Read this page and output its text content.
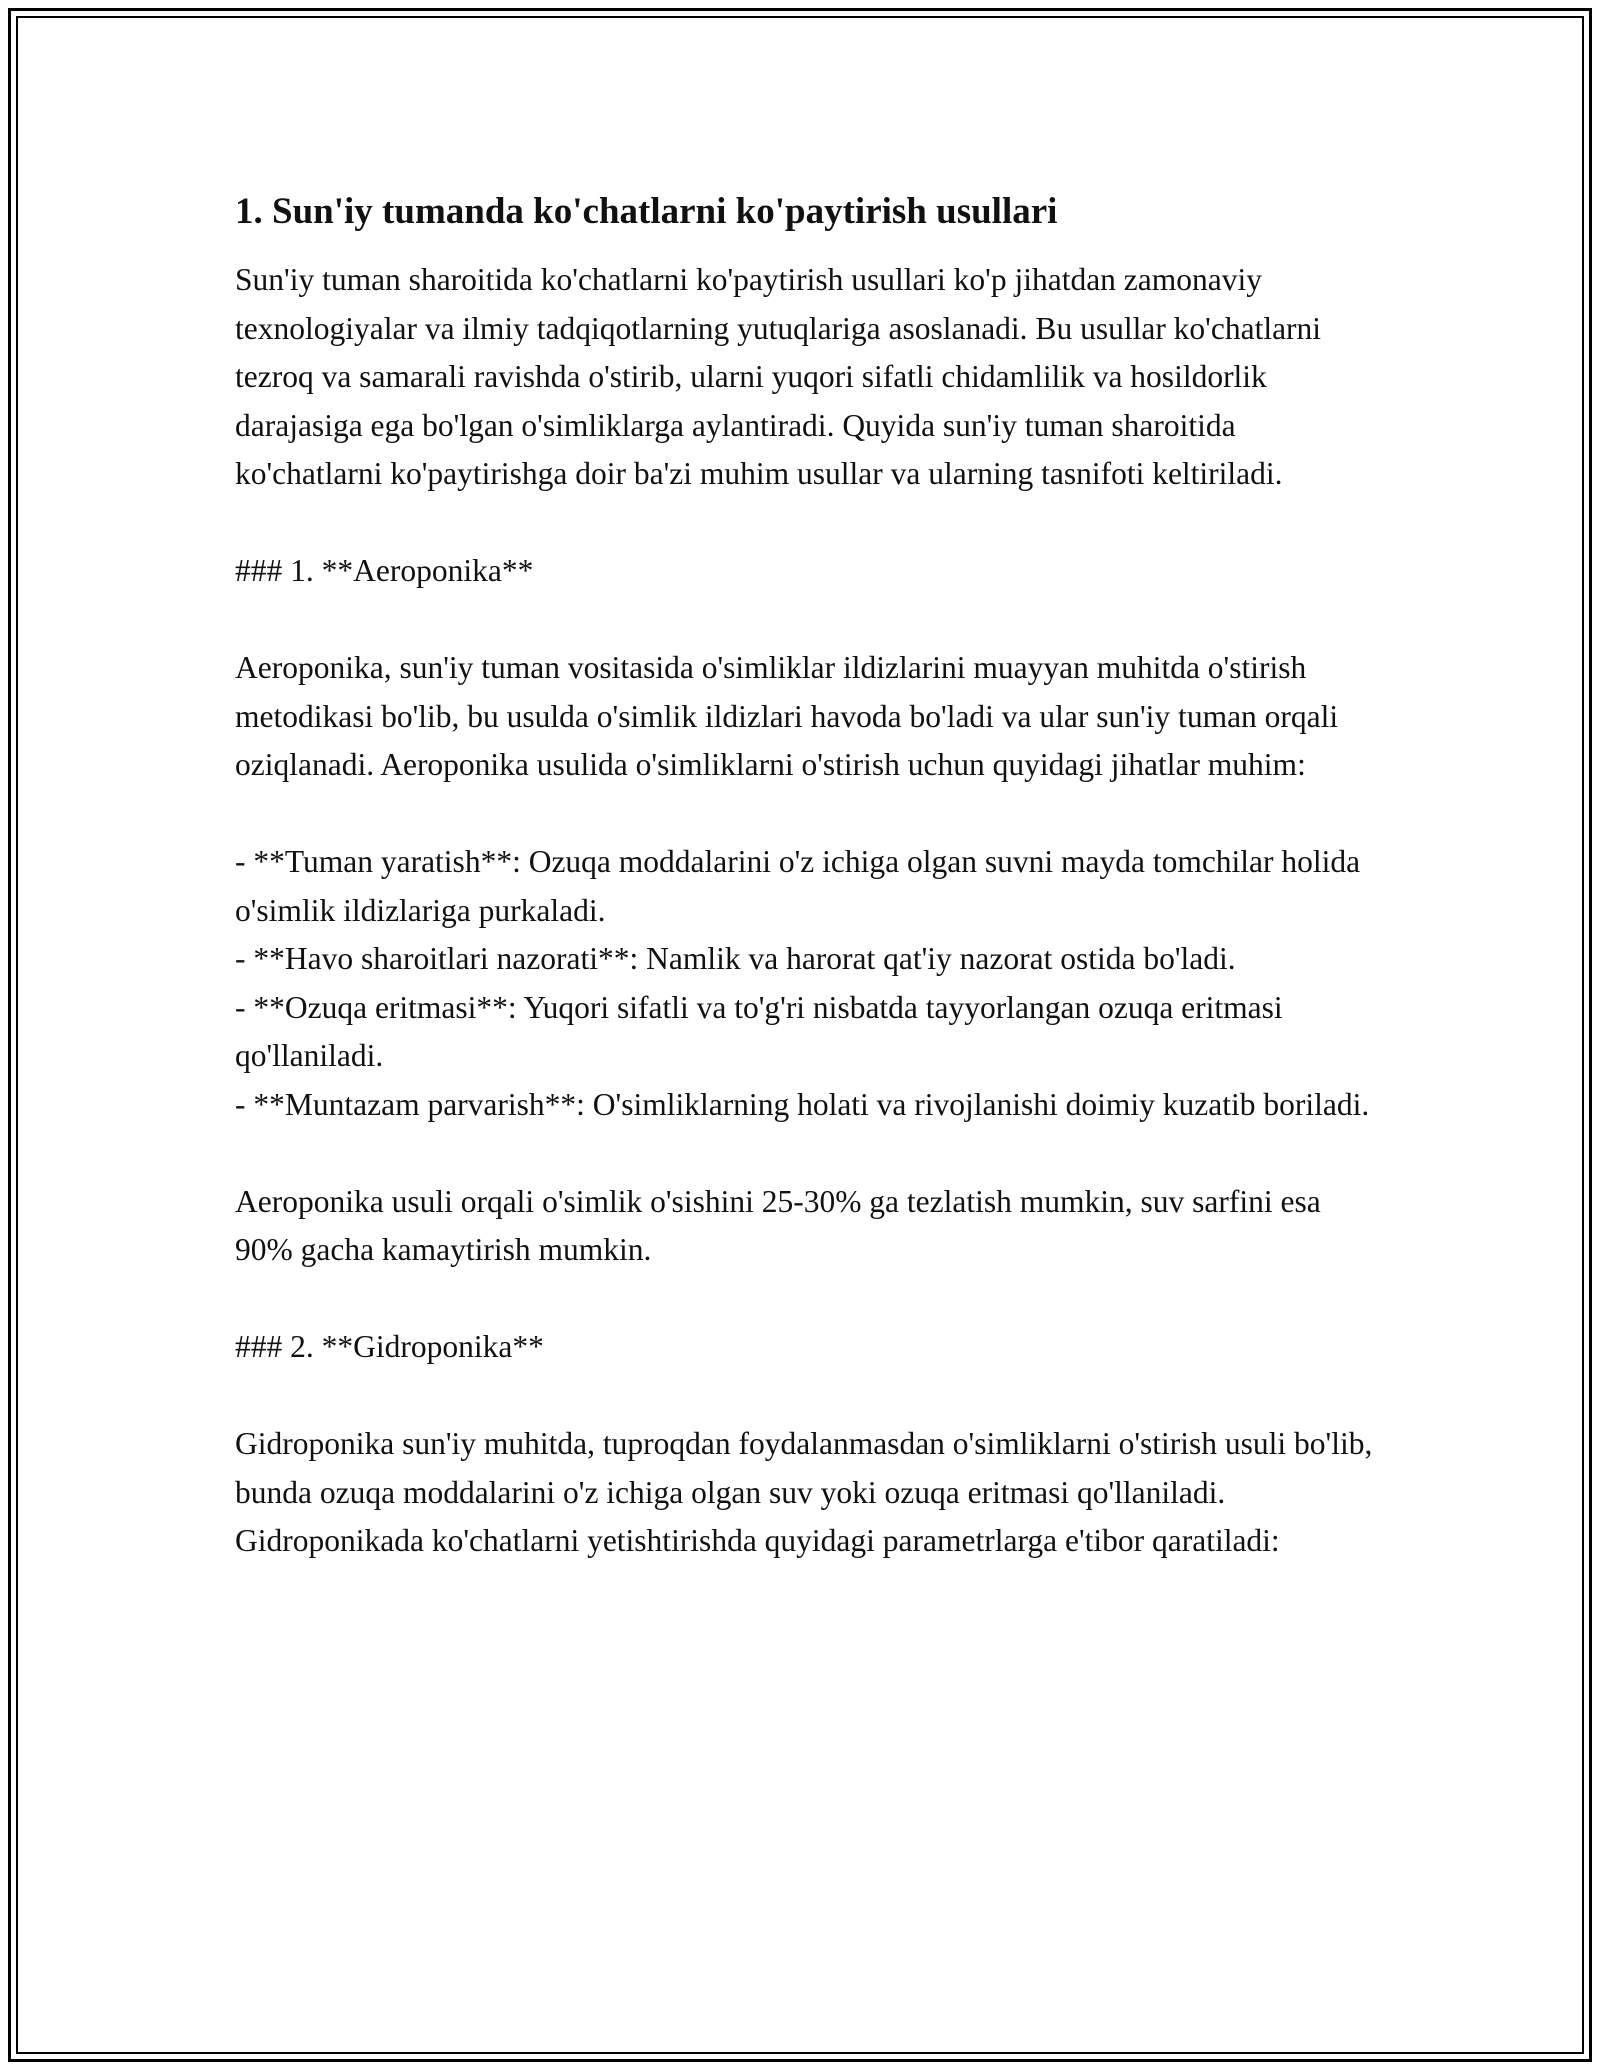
1. Sun'iy tumanda ko'chatlarni ko'paytirish usullari

Sun'iy tuman sharoitida ko'chatlarni ko'paytirish usullari ko'p jihatdan zamonaviy texnologiyalar va ilmiy tadqiqotlarning yutuqlariga asoslanadi. Bu usullar ko'chatlarni tezroq va samarali ravishda o'stirib, ularni yuqori sifatli chidamlilik va hosildorlik darajasiga ega bo'lgan o'simliklarga aylantiradi. Quyida sun'iy tuman sharoitida ko'chatlarni ko'paytirishga doir ba'zi muhim usullar va ularning tasnifoti keltiriladi.

### 1. **Aeroponika**

Aeroponika, sun'iy tuman vositasida o'simliklar ildizlarini muayyan muhitda o'stirish metodikasi bo'lib, bu usulda o'simlik ildizlari havoda bo'ladi va ular sun'iy tuman orqali oziqlanadi. Aeroponika usulida o'simliklarni o'stirish uchun quyidagi jihatlar muhim:

- **Tuman yaratish**: Ozuqa moddalarini o'z ichiga olgan suvni mayda tomchilar holida o'simlik ildizlariga purkaladi.

- **Havo sharoitlari nazorati**: Namlik va harorat qat'iy nazorat ostida bo'ladi.

- **Ozuqa eritmasi**: Yuqori sifatli va to'g'ri nisbatda tayyorlangan ozuqa eritmasi qo'llaniladi.

- **Muntazam parvarish**: O'simliklarning holati va rivojlanishi doimiy kuzatib boriladi.

Aeroponika usuli orqali o'simlik o'sishini 25-30% ga tezlatish mumkin, suv sarfini esa 90% gacha kamaytirish mumkin.

### 2. **Gidroponika**

Gidroponika sun'iy muhitda, tuproqdan foydalanmasdan o'simliklarni o'stirish usuli bo'lib, bunda ozuqa moddalarini o'z ichiga olgan suv yoki ozuqa eritmasi qo'llaniladi. Gidroponikada ko'chatlarni yetishtirishda quyidagi parametrlarga e'tibor qaratiladi:
